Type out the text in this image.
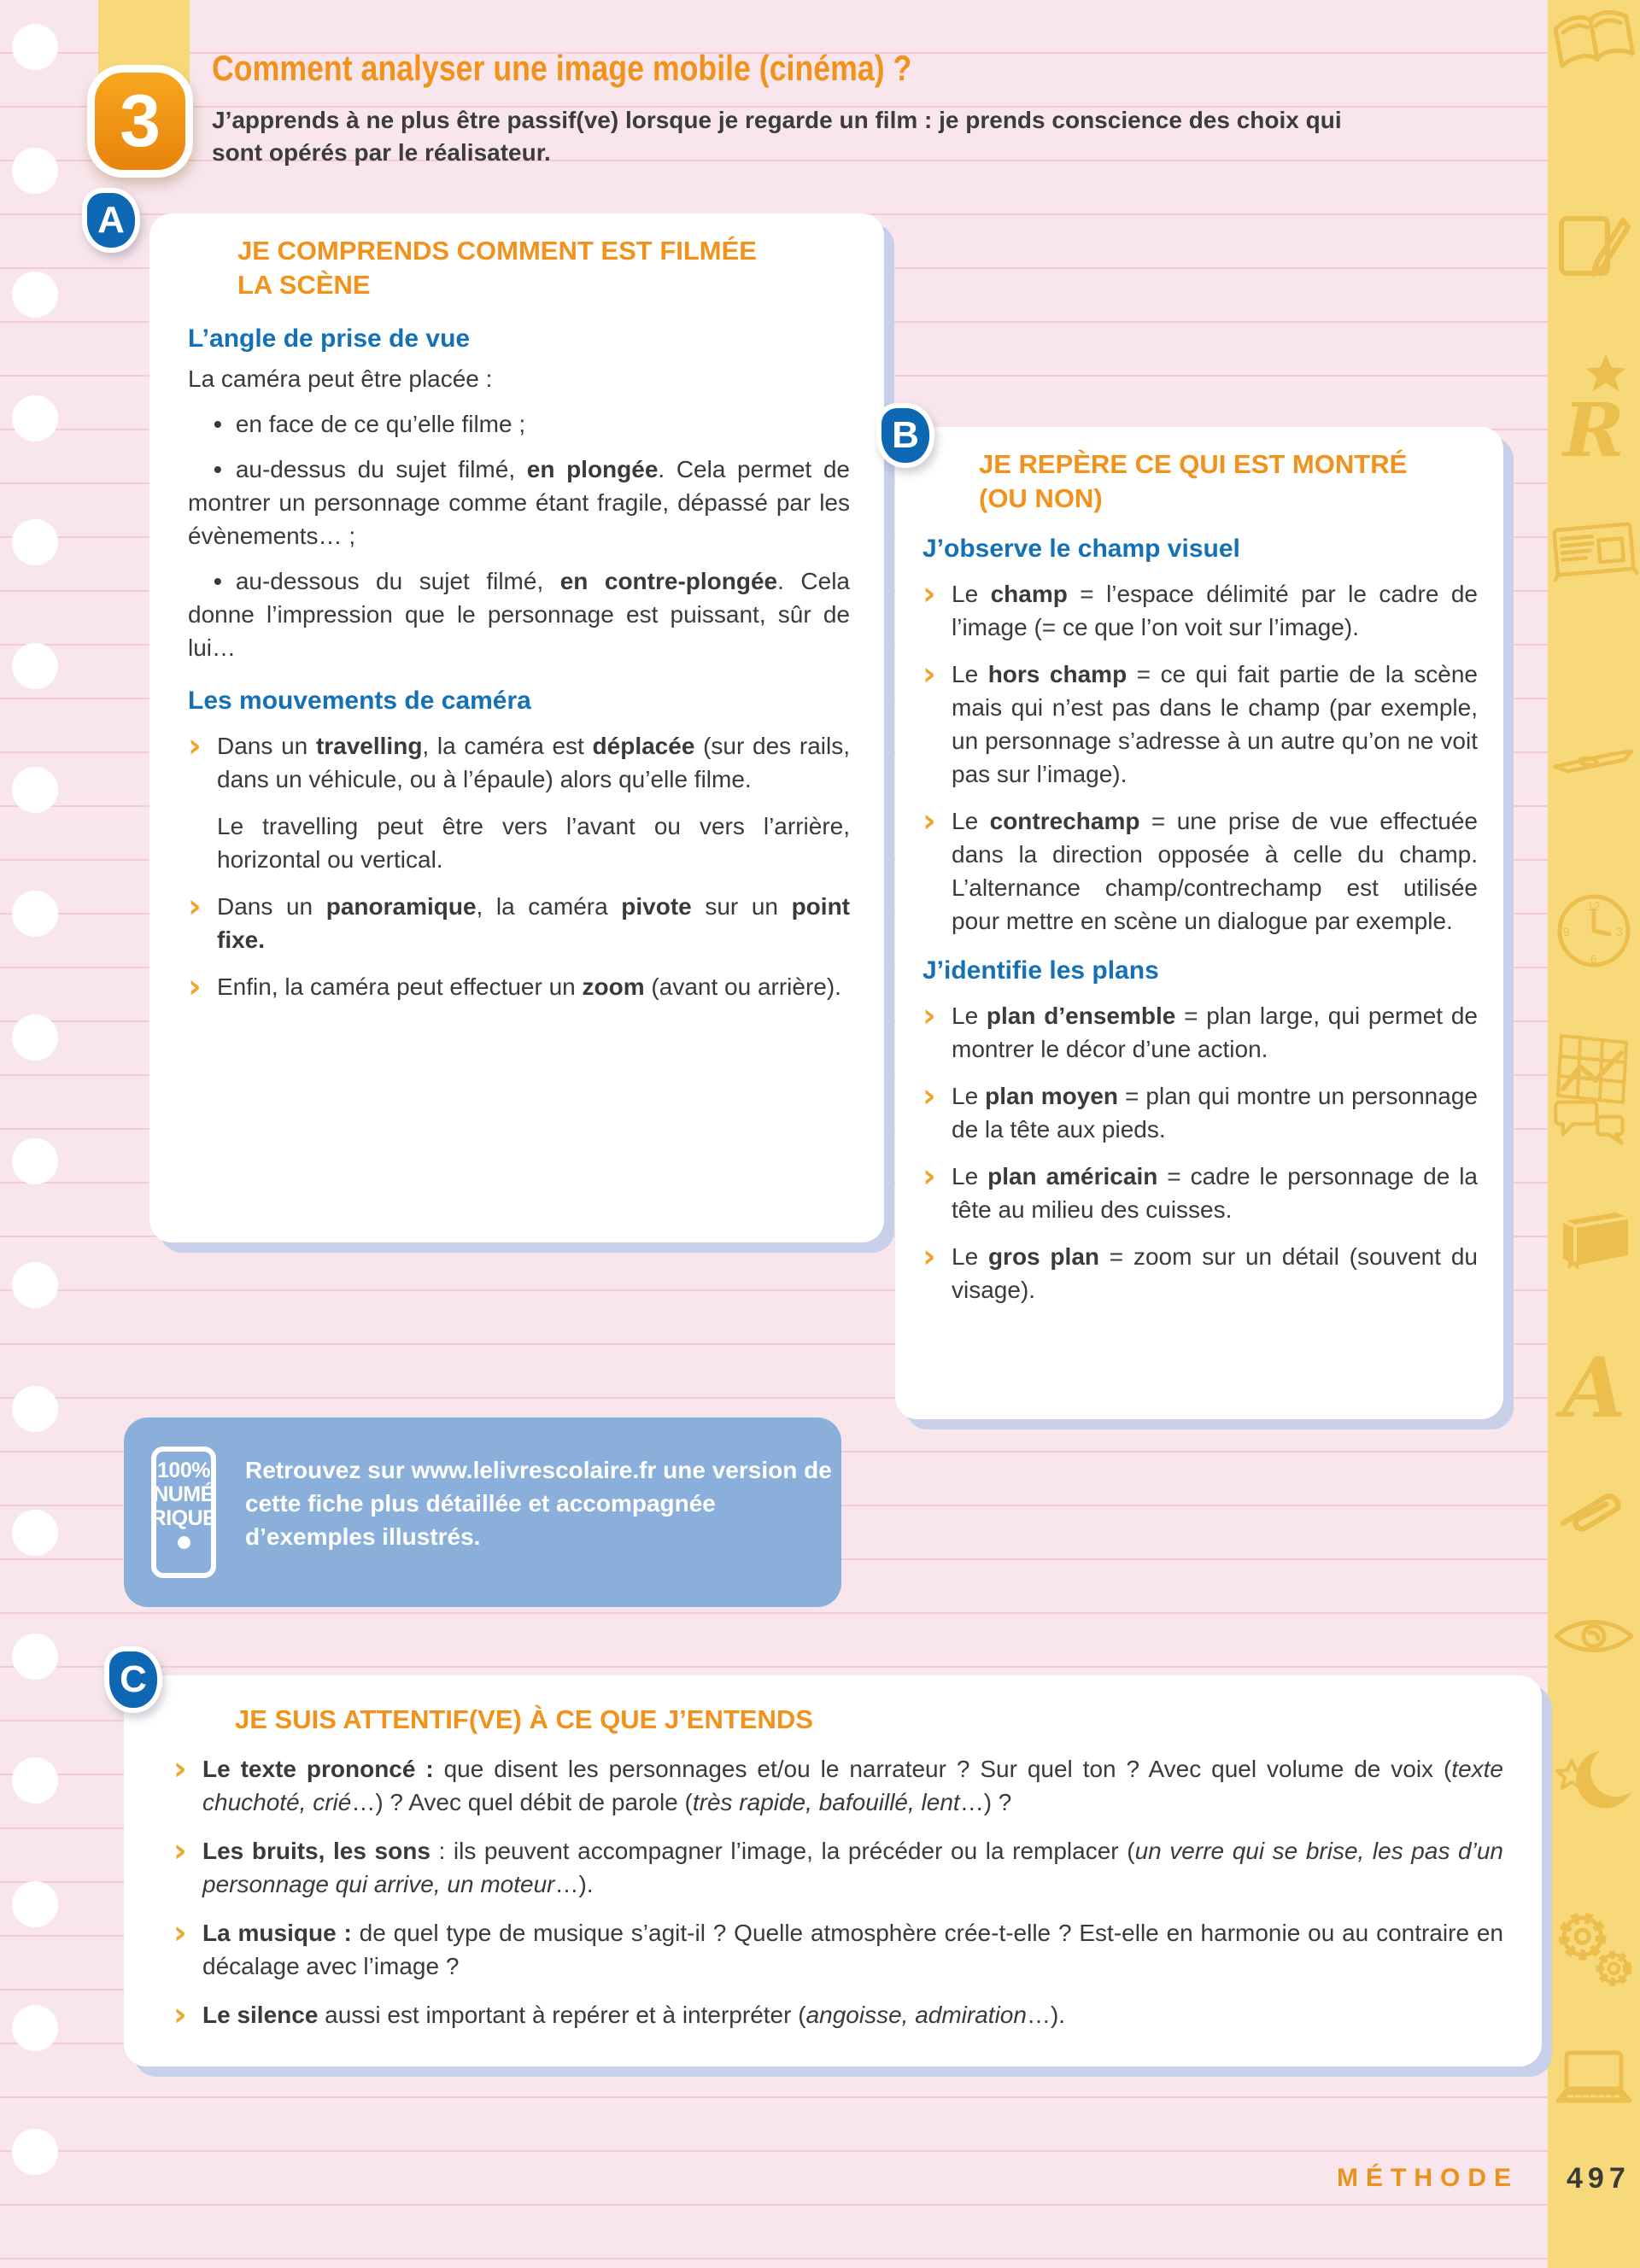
R
12
3
6
9
A
3
Comment analyser une image mobile (cinéma) ?
J’apprends à ne plus être passif(ve) lorsque je regarde un film : je prends conscience des choix qui sont opérés par le réalisateur.
JE COMPRENDS COMMENT EST FILMÉE LA SCÈNE
L’angle de prise de vue

La caméra peut être placée :

• en face de ce qu’elle filme ;

• au-dessus du sujet filmé, en plongée. Cela permet de montrer un personnage comme étant fragile, dépassé par les évènements… ;

• au-dessous du sujet filmé, en contre-plongée. Cela donne l’impression que le personnage est puissant, sûr de lui…

Les mouvements de caméra

› Dans un travelling, la caméra est déplacée (sur des rails, dans un véhicule, ou à l’épaule) alors qu’elle filme.

Le travelling peut être vers l’avant ou vers l’arrière, horizontal ou vertical.

› Dans un panoramique, la caméra pivote sur un point fixe.

› Enfin, la caméra peut effectuer un zoom (avant ou arrière).

A
JE REPÈRE CE QUI EST MONTRÉ (OU NON)
J’observe le champ visuel

› Le champ = l’espace délimité par le cadre de l’image (= ce que l’on voit sur l’image).

› Le hors champ = ce qui fait partie de la scène mais qui n’est pas dans le champ (par exemple, un personnage s’adresse à un autre qu’on ne voit pas sur l’image).

› Le contrechamp = une prise de vue effectuée dans la direction opposée à celle du champ. L’alternance champ/contrechamp est utilisée pour mettre en scène un dialogue par exemple.

J’identifie les plans

› Le plan d’ensemble = plan large, qui permet de montrer le décor d’une action.

› Le plan moyen = plan qui montre un personnage de la tête aux pieds.

› Le plan américain = cadre le personnage de la tête au milieu des cuisses.

› Le gros plan = zoom sur un détail (souvent du visage).

B
100%
NUMÉ
RIQUE
Retrouvez sur www.lelivrescolaire.fr une version de cette fiche plus détaillée et accompagnée d’exemples illustrés.
JE SUIS ATTENTIF(VE) À CE QUE J’ENTENDS

› Le texte prononcé : que disent les personnages et/ou le narrateur ? Sur quel ton ? Avec quel volume de voix (texte chuchoté, crié…) ? Avec quel débit de parole (très rapide, bafouillé, lent…) ?

› Les bruits, les sons : ils peuvent accompagner l’image, la précéder ou la remplacer (un verre qui se brise, les pas d’un personnage qui arrive, un moteur…).

› La musique : de quel type de musique s’agit-il ? Quelle atmosphère crée-t-elle ? Est-elle en harmonie ou au contraire en décalage avec l’image ?

› Le silence aussi est important à repérer et à interpréter (angoisse, admiration…).

C
MÉTHODE 497
